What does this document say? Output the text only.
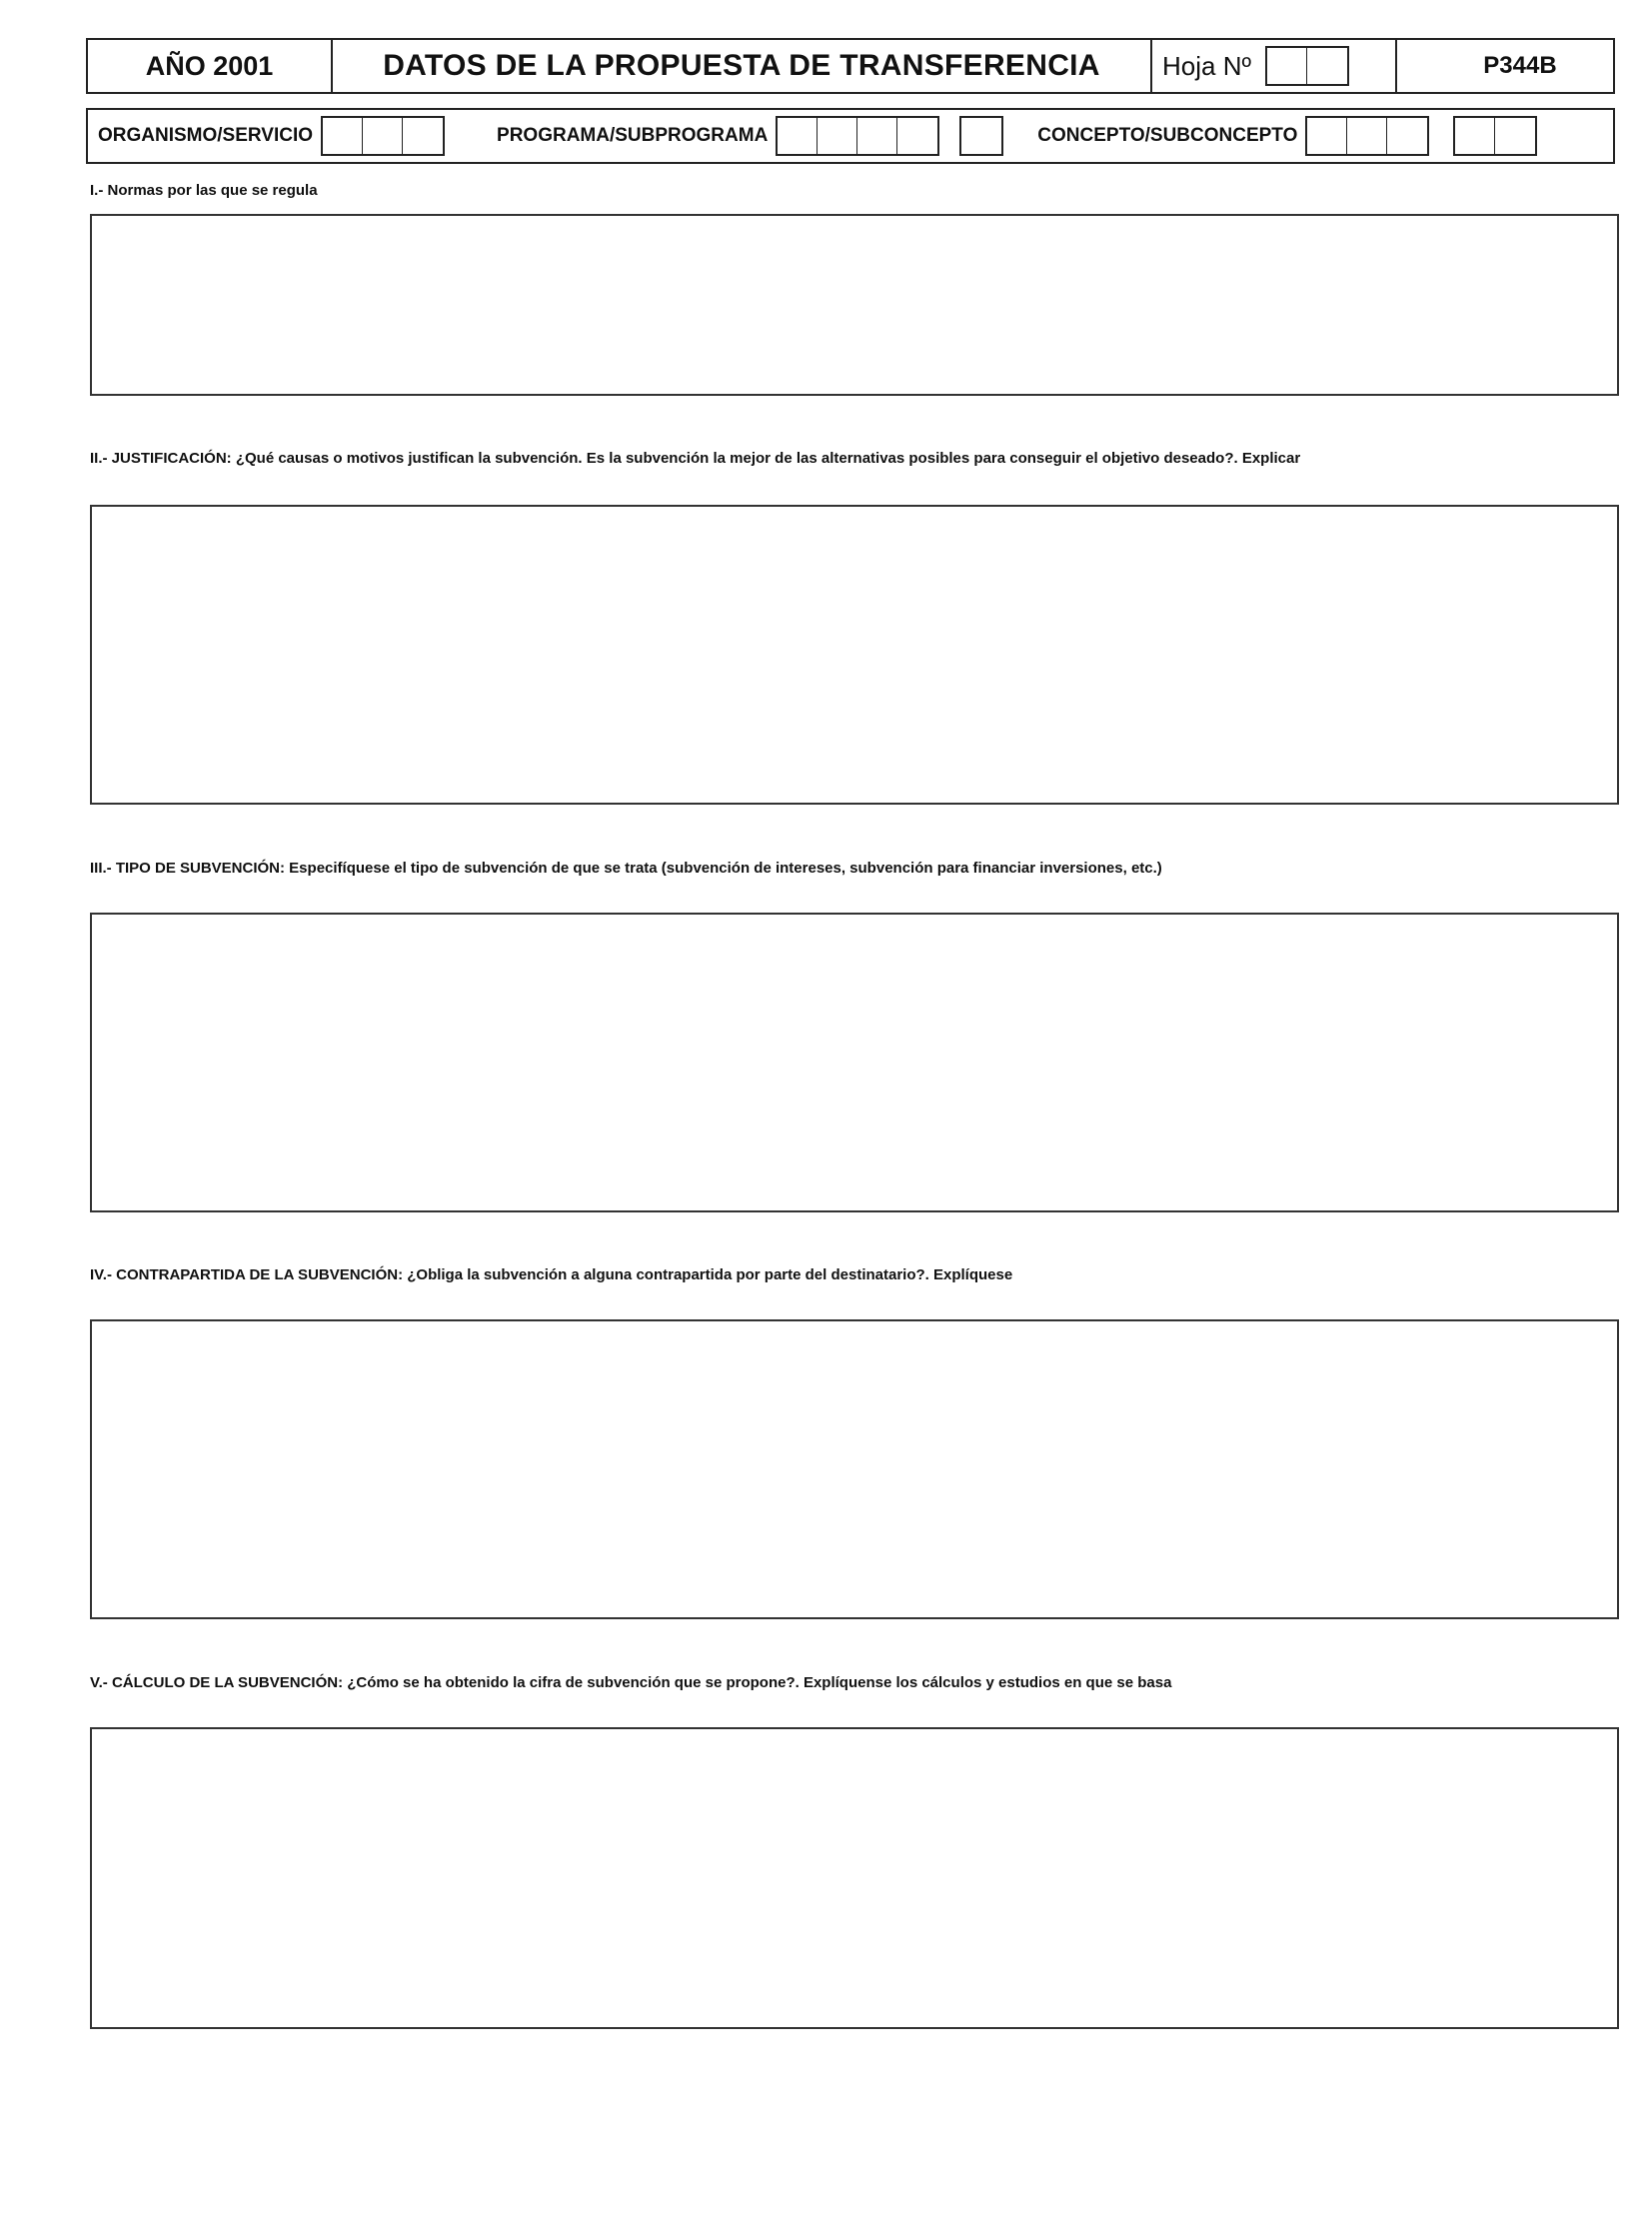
AÑO 2001	DATOS DE LA PROPUESTA DE TRANSFERENCIA Hoja Nº	P344B
ORGANISMO/SERVICIO	PROGRAMA/SUBPROGRAMA	CONCEPTO/SUBCONCEPTO
I.- Normas por las que se regula
II.- JUSTIFICACIÓN: ¿Qué causas o motivos justifican la subvención. Es la subvención la mejor de las alternativas posibles para conseguir el objetivo deseado?. Explicar
III.- TIPO DE SUBVENCIÓN: Especifíquese el tipo de subvención de que se trata (subvención de intereses, subvención para financiar inversiones, etc.)
IV.- CONTRAPARTIDA DE LA SUBVENCIÓN: ¿Obliga la subvención a alguna contrapartida por parte del destinatario?. Explíquese
V.- CÁLCULO DE LA SUBVENCIÓN: ¿Cómo se ha obtenido la cifra de subvención que se propone?. Explíquense los cálculos y estudios en que se basa
